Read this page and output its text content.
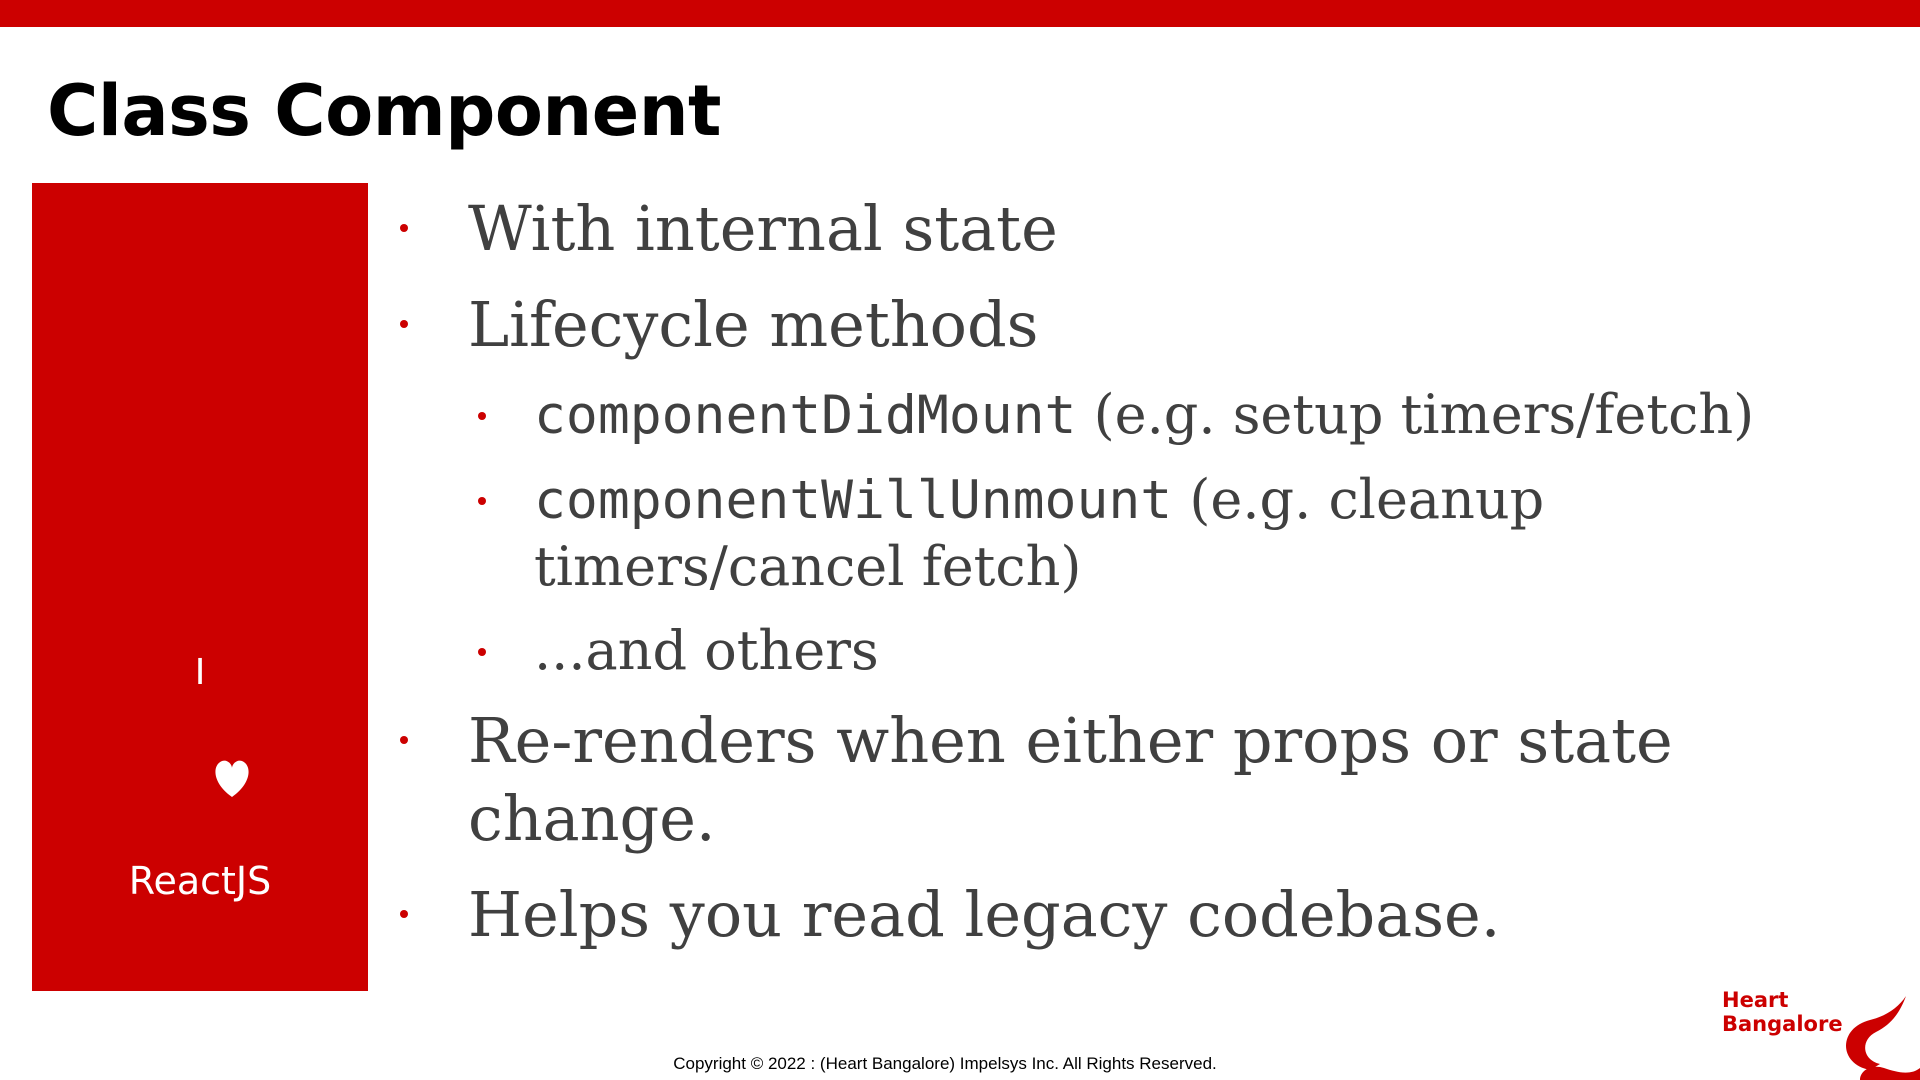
Class Component
I
ReactJS
With internal state
Lifecycle methods
componentDidMount (e.g. setup timers/fetch)
componentWillUnmount (e.g. cleanup timers/cancel fetch)
...and others
Re-renders when either props or state change.
Helps you read legacy codebase.
Copyright © 2022 : (Heart Bangalore) Impelsys Inc. All Rights Reserved.
Heart
Bangalore
